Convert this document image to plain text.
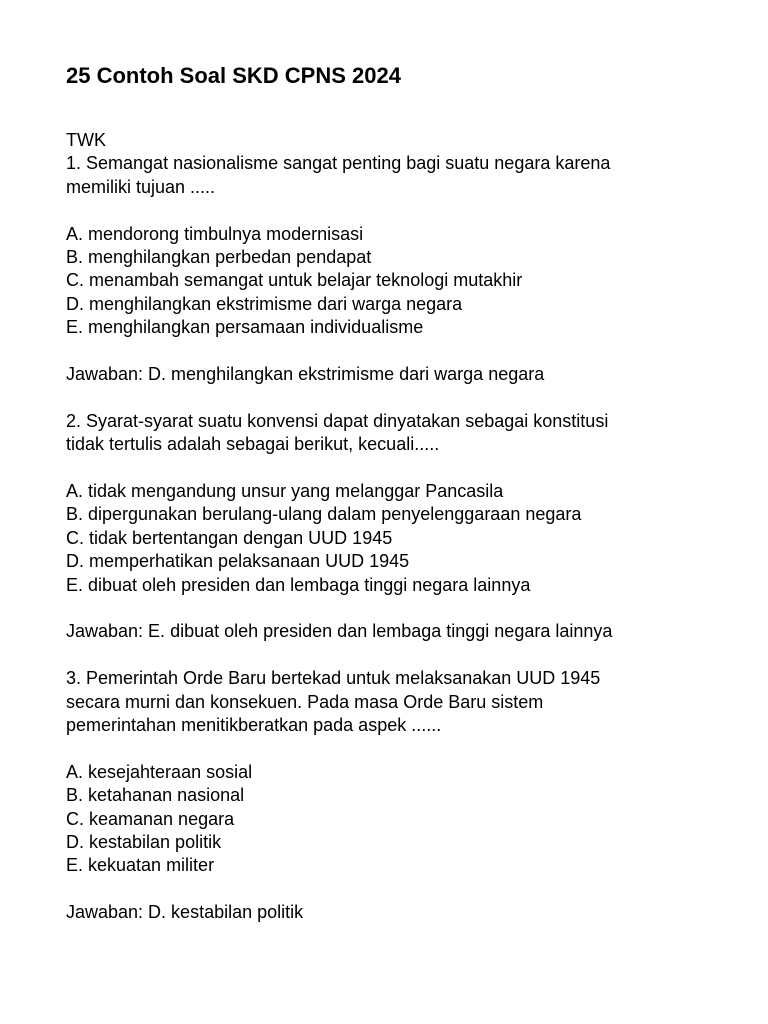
25 Contoh Soal SKD CPNS 2024
TWK
1. Semangat nasionalisme sangat penting bagi suatu negara karena
memiliki tujuan .....
A. mendorong timbulnya modernisasi
B. menghilangkan perbedan pendapat
C. menambah semangat untuk belajar teknologi mutakhir
D. menghilangkan ekstrimisme dari warga negara
E. menghilangkan persamaan individualisme
Jawaban: D. menghilangkan ekstrimisme dari warga negara
2. Syarat-syarat suatu konvensi dapat dinyatakan sebagai konstitusi
tidak tertulis adalah sebagai berikut, kecuali.....
A. tidak mengandung unsur yang melanggar Pancasila
B. dipergunakan berulang-ulang dalam penyelenggaraan negara
C. tidak bertentangan dengan UUD 1945
D. memperhatikan pelaksanaan UUD 1945
E. dibuat oleh presiden dan lembaga tinggi negara lainnya
Jawaban: E. dibuat oleh presiden dan lembaga tinggi negara lainnya
3. Pemerintah Orde Baru bertekad untuk melaksanakan UUD 1945
secara murni dan konsekuen. Pada masa Orde Baru sistem
pemerintahan menitikberatkan pada aspek ......
A. kesejahteraan sosial
B. ketahanan nasional
C. keamanan negara
D. kestabilan politik
E. kekuatan militer
Jawaban: D. kestabilan politik
